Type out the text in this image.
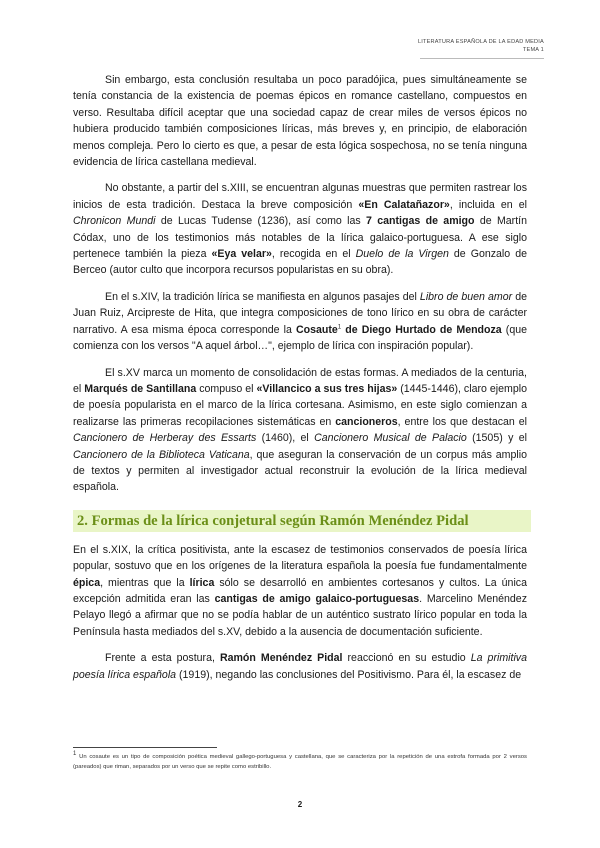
LITERATURA ESPAÑOLA DE LA EDAD MEDIA
TEMA 1

Sin embargo, esta conclusión resultaba un poco paradójica, pues simultáneamente se tenía constancia de la existencia de poemas épicos en romance castellano, compuestos en verso. Resultaba difícil aceptar que una sociedad capaz de crear miles de versos épicos no hubiera producido también composiciones líricas, más breves y, en principio, de elaboración menos compleja. Pero lo cierto es que, a pesar de esta lógica sospechosa, no se tenía ninguna evidencia de lírica castellana medieval.

No obstante, a partir del s.XIII, se encuentran algunas muestras que permiten rastrear los inicios de esta tradición. Destaca la breve composición «En Calatañazor», incluida en el Chronicon Mundi de Lucas Tudense (1236), así como las 7 cantigas de amigo de Martín Códax, uno de los testimonios más notables de la lírica galaico-portuguesa. A ese siglo pertenece también la pieza «Eya velar», recogida en el Duelo de la Virgen de Gonzalo de Berceo (autor culto que incorpora recursos popularistas en su obra).

En el s.XIV, la tradición lírica se manifiesta en algunos pasajes del Libro de buen amor de Juan Ruiz, Arcipreste de Hita, que integra composiciones de tono lírico en su obra de carácter narrativo. A esa misma época corresponde la Cosaute$^1$ de Diego Hurtado de Mendoza (que comienza con los versos "A aquel árbol…", ejemplo de lírica con inspiración popular).

El s.XV marca un momento de consolidación de estas formas. A mediados de la centuria, el Marqués de Santillana compuso el «Villancico a sus tres hijas» (1445-1446), claro ejemplo de poesía popularista en el marco de la lírica cortesana. Asimismo, en este siglo comienzan a realizarse las primeras recopilaciones sistemáticas en cancioneros, entre los que destacan el Cancionero de Herberay des Essarts (1460), el Cancionero Musical de Palacio (1505) y el Cancionero de la Biblioteca Vaticana, que aseguran la conservación de un corpus más amplio de textos y permiten al investigador actual reconstruir la evolución de la lírica medieval española.

2. Formas de la lírica conjetural según Ramón Menéndez Pidal

En el s.XIX, la crítica positivista, ante la escasez de testimonios conservados de poesía lírica popular, sostuvo que en los orígenes de la literatura española la poesía fue fundamentalmente épica, mientras que la lírica sólo se desarrolló en ambientes cortesanos y cultos. La única excepción admitida eran las cantigas de amigo galaico-portuguesas. Marcelino Menéndez Pelayo llegó a afirmar que no se podía hablar de un auténtico sustrato lírico popular en toda la Península hasta mediados del s.XV, debido a la ausencia de documentación suficiente.

Frente a esta postura, Ramón Menéndez Pidal reaccionó en su estudio La primitiva poesía lírica española (1919), negando las conclusiones del Positivismo. Para él, la escasez de

$^1$ Un cosaute es un tipo de composición poética medieval gallego-portuguesa y castellana, que se caracteriza por la repetición de una estrofa formada por 2 versos (pareados) que riman, separados por un verso que se repite como estribillo.
2
